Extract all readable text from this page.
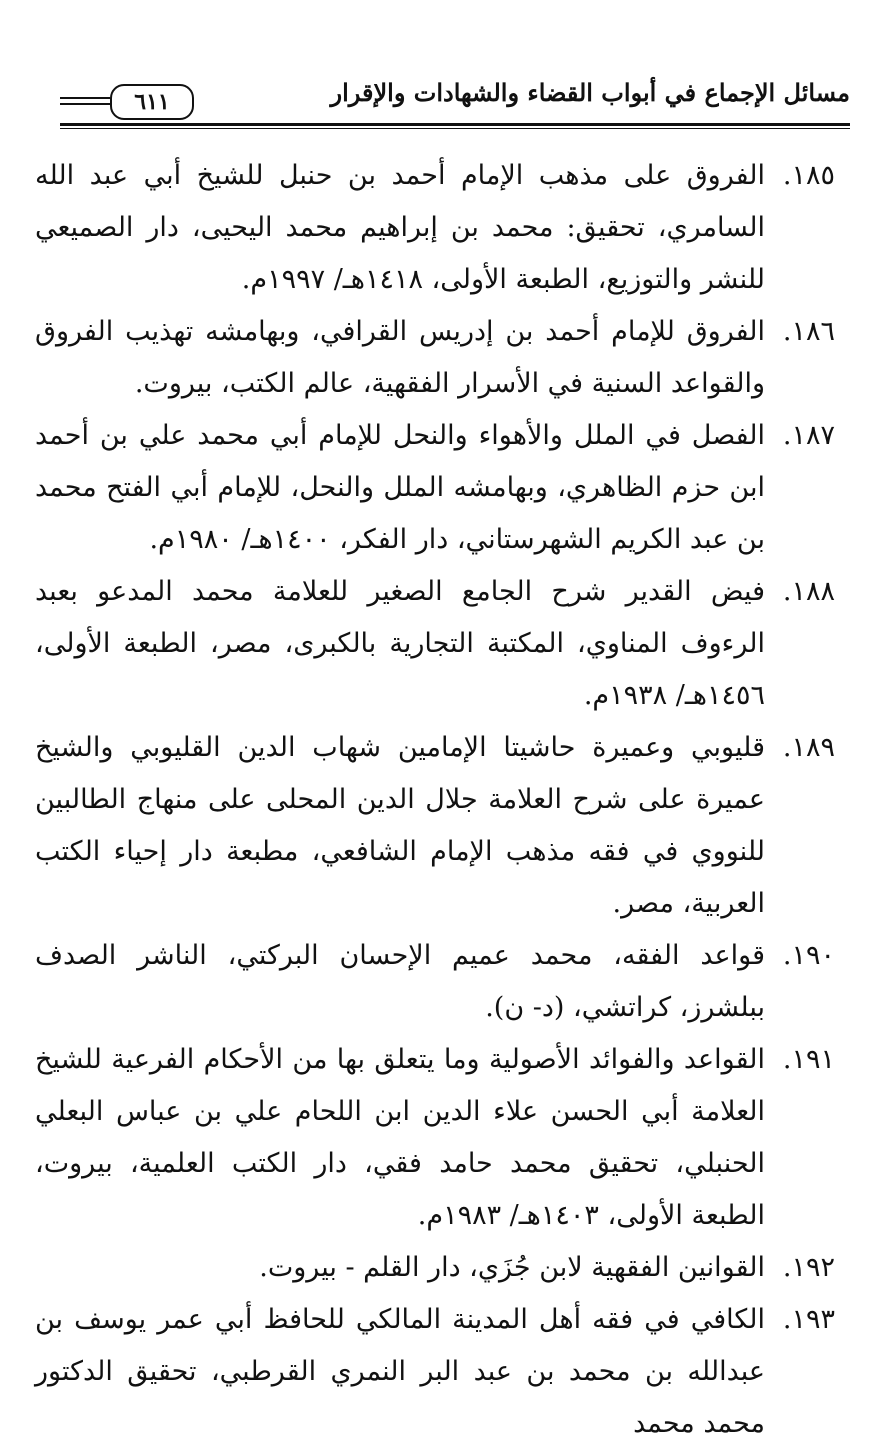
مسائل الإجماع في أبواب القضاء والشهادات والإقرار
٦١١
١٨٥.
الفروق على مذهب الإمام أحمد بن حنبل للشيخ أبي عبد الله السامري، تحقيق: محمد بن إبراهيم محمد اليحيى، دار الصميعي للنشر والتوزيع، الطبعة الأولى، ١٤١٨هـ/ ١٩٩٧م.
١٨٦.
الفروق للإمام أحمد بن إدريس القرافي، وبهامشه تهذيب الفروق والقواعد السنية في الأسرار الفقهية، عالم الكتب، بيروت.
١٨٧.
الفصل في الملل والأهواء والنحل للإمام أبي محمد علي بن أحمد ابن حزم الظاهري، وبهامشه الملل والنحل، للإمام أبي الفتح محمد بن عبد الكريم الشهرستاني، دار الفكر، ١٤٠٠هـ/ ١٩٨٠م.
١٨٨.
فيض القدير شرح الجامع الصغير للعلامة محمد المدعو بعبد الرءوف المناوي، المكتبة التجارية بالكبرى، مصر، الطبعة الأولى، ١٤٥٦هـ/ ١٩٣٨م.
١٨٩.
قليوبي وعميرة حاشيتا الإمامين شهاب الدين القليوبي والشيخ عميرة على شرح العلامة جلال الدين المحلى على منهاج الطالبين للنووي في فقه مذهب الإمام الشافعي، مطبعة دار إحياء الكتب العربية، مصر.
١٩٠.
قواعد الفقه، محمد عميم الإحسان البركتي، الناشر الصدف ببلشرز، كراتشي، (د- ن).
١٩١.
القواعد والفوائد الأصولية وما يتعلق بها من الأحكام الفرعية للشيخ العلامة أبي الحسن علاء الدين ابن اللحام علي بن عباس البعلي الحنبلي، تحقيق محمد حامد فقي، دار الكتب العلمية، بيروت، الطبعة الأولى، ١٤٠٣هـ/ ١٩٨٣م.
١٩٢.
القوانين الفقهية لابن جُزَي، دار القلم - بيروت.
١٩٣.
الكافي في فقه أهل المدينة المالكي للحافظ أبي عمر يوسف بن عبدالله بن محمد بن عبد البر النمري القرطبي، تحقيق الدكتور محمد محمد
